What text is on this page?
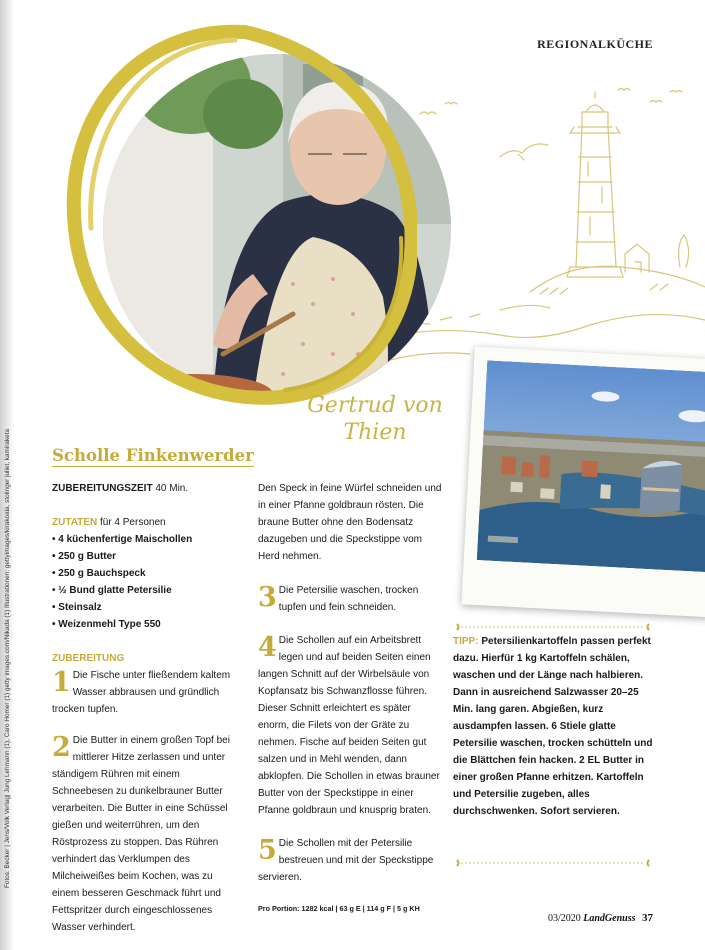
Fotos: Becker | Jens/Volk Verlag| Jung Lehmann (1), Caro Homer (1) getty images.com/Nikada (1) Illustrationen: gettyimages/kirakoala, stolinger juliet, kamiraketa
REGIONALKÜCHE
Gertrud von
Thien
Scholle Finkenwerder
ZUBEREITUNGSZEIT 40 Min.
ZUTATEN für 4 Personen
• 4 küchenfertige Maischollen
• 250 g Butter
• 250 g Bauchspeck
• ½ Bund glatte Petersilie
• Steinsalz
• Weizenmehl Type 550
ZUBEREITUNG

1 Die Fische unter fließendem kaltem Wasser abbrausen und gründlich trocken tupfen.

2 Die Butter in einem großen Topf bei mittlerer Hitze zerlassen und unter ständigem Rühren mit einem Schneebesen zu dunkelbrauner Butter verarbeiten. Die Butter in eine Schüssel gießen und weiterrühren, um den Röstprozess zu stoppen. Das Rühren verhindert das Verklumpen des Milcheiweißes beim Kochen, was zu einem besseren Geschmack führt und Fettspritzer durch eingeschlossenes Wasser verhindert.

Den Speck in feine Würfel schneiden und in einer Pfanne goldbraun rösten. Die braune Butter ohne den Bodensatz dazugeben und die Speckstippe vom Herd nehmen.

3 Die Petersilie waschen, trocken tupfen und fein schneiden.

4 Die Schollen auf ein Arbeitsbrett legen und auf beiden Seiten einen langen Schnitt auf der Wirbelsäule von Kopfansatz bis Schwanzflosse führen. Dieser Schnitt erleichtert es später enorm, die Filets von der Gräte zu nehmen. Fische auf beiden Seiten gut salzen und in Mehl wenden, dann abklopfen. Die Schollen in etwas brauner Butter von der Speckstippe in einer Pfanne goldbraun und knusprig braten.

5 Die Schollen mit der Petersilie bestreuen und mit der Speckstippe servieren.

Pro Portion: 1282 kcal | 63 g E | 114 g F | 5 g KH
TIPP: Petersilienkartoffeln passen perfekt dazu. Hierfür 1 kg Kartoffeln schälen, waschen und der Länge nach halbieren. Dann in ausreichend Salzwasser 20–25 Min. lang garen. Abgießen, kurz ausdampfen lassen. 6 Stiele glatte Petersilie waschen, trocken schütteln und die Blättchen fein hacken. 2 EL Butter in einer großen Pfanne erhitzen. Kartoffeln und Petersilie zugeben, alles durchschwenken. Sofort servieren.
03/2020 LandGenuss 37
